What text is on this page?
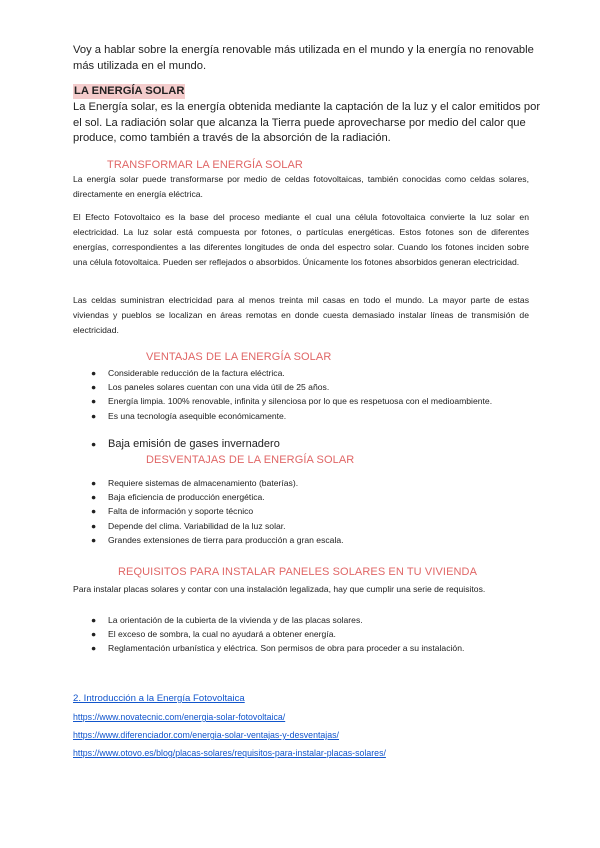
Voy a hablar sobre la energía renovable más utilizada en el mundo y la energía no renovable más utilizada en el mundo.
LA ENERGÍA SOLAR
La Energía solar, es la energía obtenida mediante la captación de la luz y el calor emitidos por el sol. La radiación solar que alcanza la Tierra puede aprovecharse por medio del calor que produce, como también a través de la absorción de la radiación.
TRANSFORMAR LA ENERGÍA SOLAR
La energía solar puede transformarse por medio de celdas fotovoltaicas, también conocidas como celdas solares, directamente en energía eléctrica.
El Efecto Fotovoltaico es la base del proceso mediante el cual una célula fotovoltaica convierte la luz solar en electricidad. La luz solar está compuesta por fotones, o partículas energéticas. Estos fotones son de diferentes energías, correspondientes a las diferentes longitudes de onda del espectro solar. Cuando los fotones inciden sobre una célula fotovoltaica. Pueden ser reflejados o absorbidos. Únicamente los fotones absorbidos generan electricidad.
Las celdas suministran electricidad para al menos treinta mil casas en todo el mundo. La mayor parte de estas viviendas y pueblos se localizan en áreas remotas en donde cuesta demasiado instalar líneas de transmisión de electricidad.
VENTAJAS DE LA ENERGÍA SOLAR
● Considerable reducción de la factura eléctrica.
● Los paneles solares cuentan con una vida útil de 25 años.
● Energía limpia. 100% renovable, infinita y silenciosa por lo que es respetuosa con el medioambiente.
● Es una tecnología asequible económicamente.
● Baja emisión de gases invernadero
DESVENTAJAS DE LA ENERGÍA SOLAR
● Requiere sistemas de almacenamiento (baterías).
● Baja eficiencia de producción energética.
● Falta de información y soporte técnico
● Depende del clima. Variabilidad de la luz solar.
● Grandes extensiones de tierra para producción a gran escala.
REQUISITOS PARA INSTALAR PANELES SOLARES EN TU VIVIENDA
Para instalar placas solares y contar con una instalación legalizada, hay que cumplir una serie de requisitos.
● La orientación de la cubierta de la vivienda y de las placas solares.
● El exceso de sombra, la cual no ayudará a obtener energía.
● Reglamentación urbanística y eléctrica. Son permisos de obra para proceder a su instalación.
2. Introducción a la Energía Fotovoltaica
https://www.novatecnic.com/energia-solar-fotovoltaica/
https://www.diferenciador.com/energia-solar-ventajas-y-desventajas/
https://www.otovo.es/blog/placas-solares/requisitos-para-instalar-placas-solares/
